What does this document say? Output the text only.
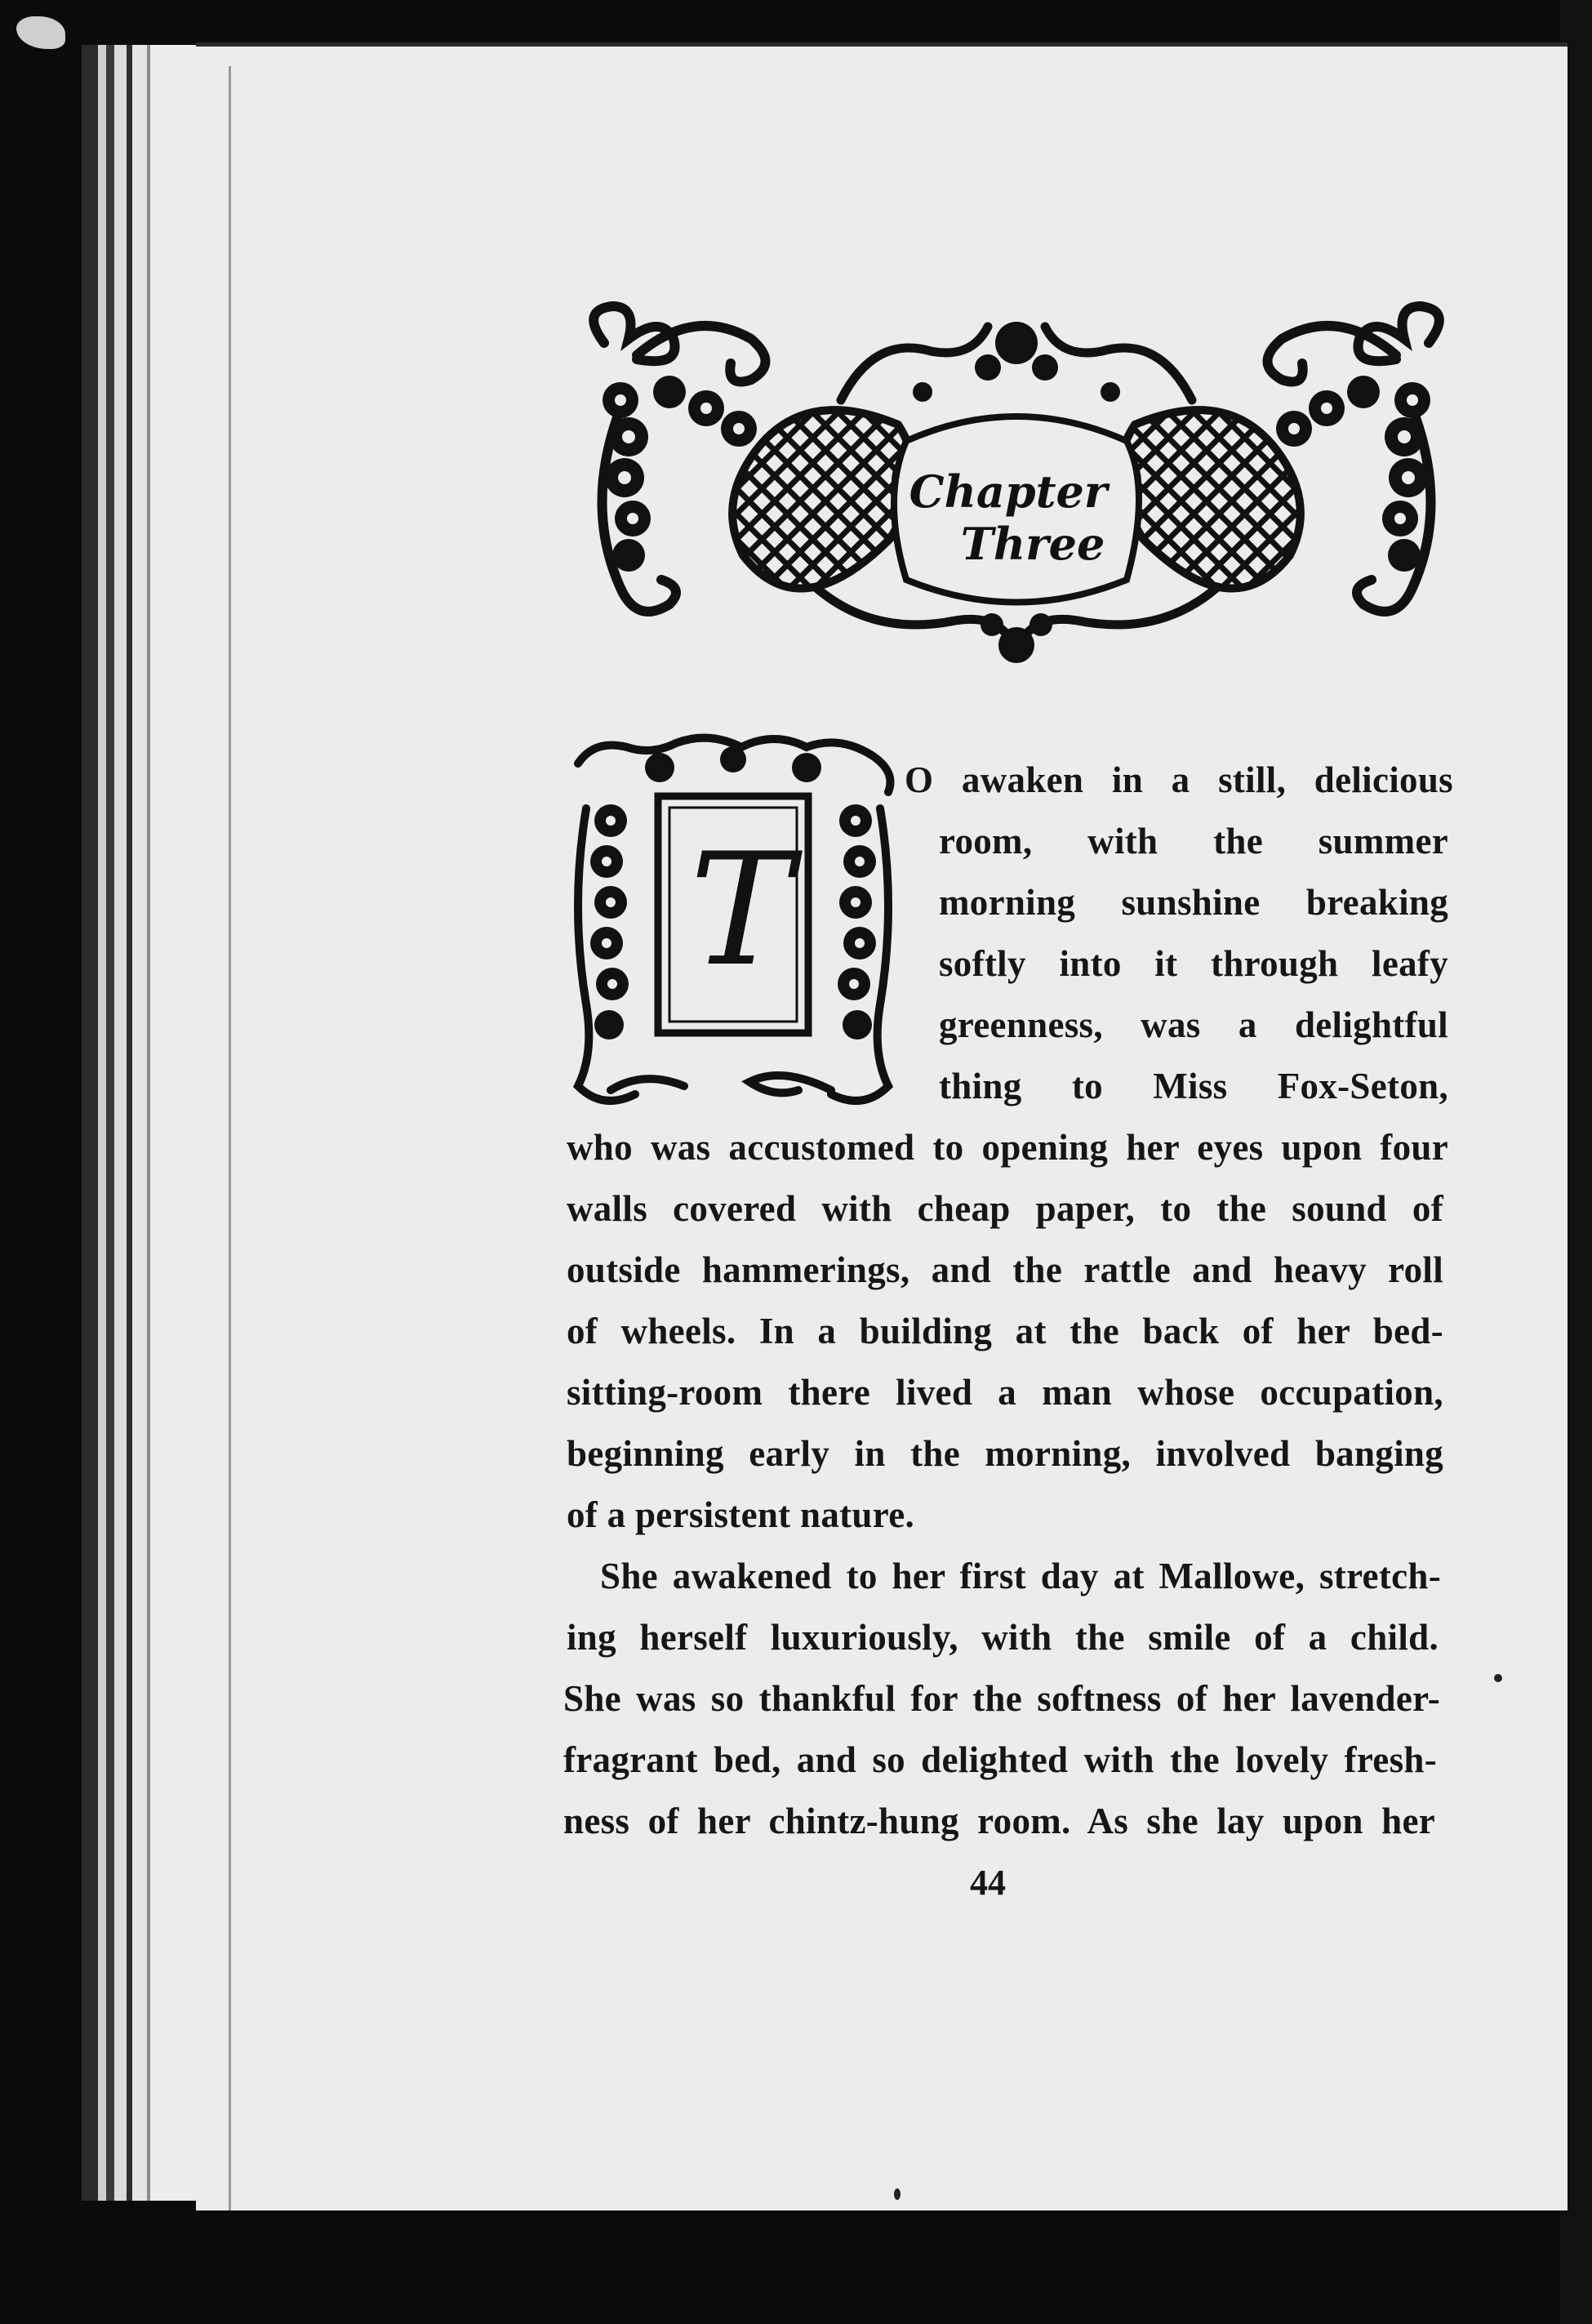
Chapter
Three
T
O awaken in a still, delicious
room, with the summer
morning sunshine breaking
softly into it through leafy
greenness, was a delightful
thing to Miss Fox-Seton,
who was accustomed to opening her eyes upon four
walls covered with cheap paper, to the sound of
outside hammerings, and the rattle and heavy roll
of wheels. In a building at the back of her bed-
sitting-room there lived a man whose occupation,
beginning early in the morning, involved banging
of a persistent nature.
She awakened to her first day at Mallowe, stretch-
ing herself luxuriously, with the smile of a child.
She was so thankful for the softness of her lavender-
fragrant bed, and so delighted with the lovely fresh-
ness of her chintz-hung room. As she lay upon her
44
